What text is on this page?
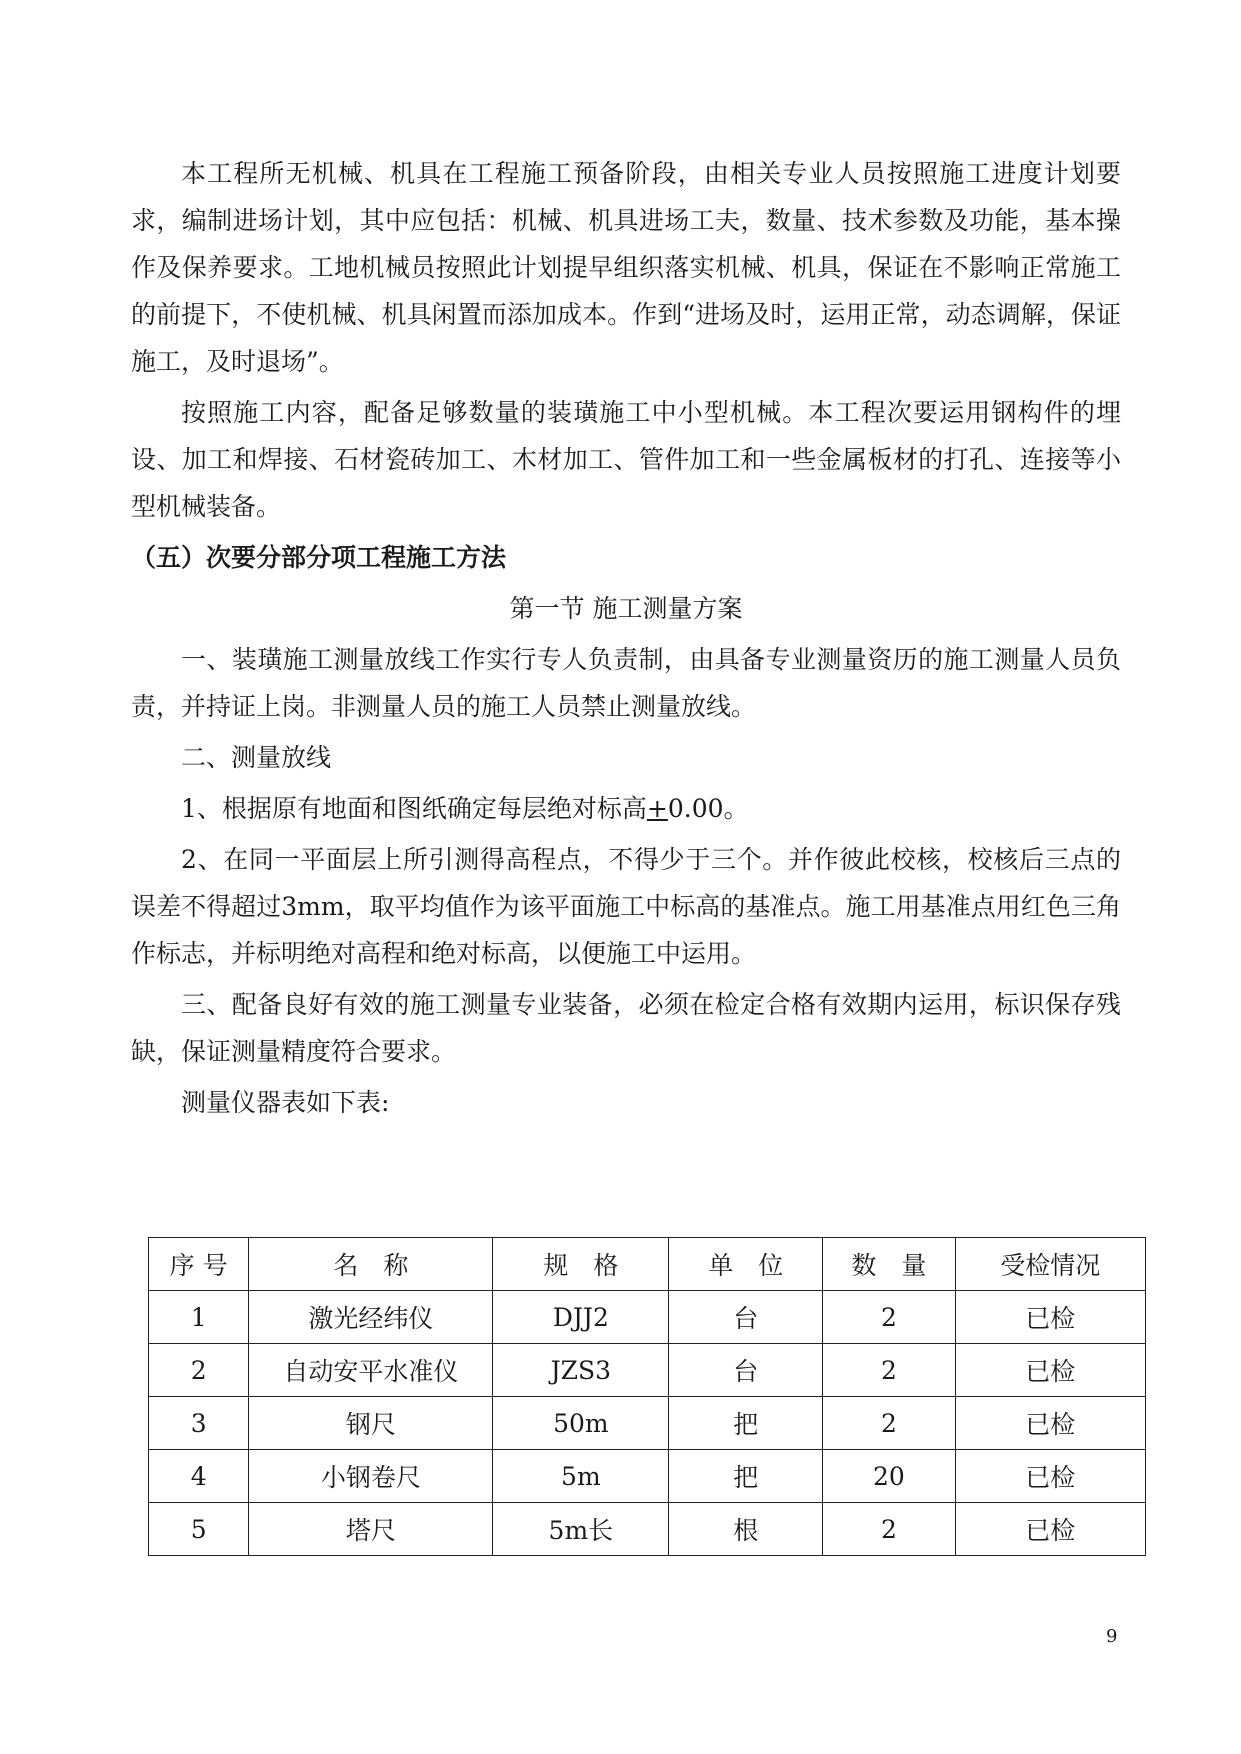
本工程所无机械、机具在工程施工预备阶段，由相关专业人员按照施工进度计划要求，编制进场计划，其中应包括：机械、机具进场工夫，数量、技术参数及功能，基本操作及保养要求。工地机械员按照此计划提早组织落实机械、机具，保证在不影响正常施工的前提下，不使机械、机具闲置而添加成本。作到“进场及时，运用正常，动态调解，保证施工，及时退场”。

按照施工内容，配备足够数量的装璜施工中小型机械。本工程次要运用钢构件的埋设、加工和焊接、石材瓷砖加工、木材加工、管件加工和一些金属板材的打孔、连接等小型机械装备。

（五）次要分部分项工程施工方法

第一节 施工测量方案

一、装璜施工测量放线工作实行专人负责制，由具备专业测量资历的施工测量人员负责，并持证上岗。非测量人员的施工人员禁止测量放线。

二、测量放线

1、根据原有地面和图纸确定每层绝对标高+0.00。

2、在同一平面层上所引测得高程点，不得少于三个。并作彼此校核，校核后三点的误差不得超过3mm，取平均值作为该平面施工中标高的基准点。施工用基准点用红色三角作标志，并标明绝对高程和绝对标高，以便施工中运用。

三、配备良好有效的施工测量专业装备，必须在检定合格有效期内运用，标识保存残缺，保证测量精度符合要求。

测量仪器表如下表:

序 号	名　称	规　格	单　位	数　量	受检情况
1	激光经纬仪	DJJ2	台	2	已检
2	自动安平水准仪	JZS3	台	2	已检
3	钢尺	50m	把	2	已检
4	小钢卷尺	5m	把	20	已检
5	塔尺	5m长	根	2	已检
9
